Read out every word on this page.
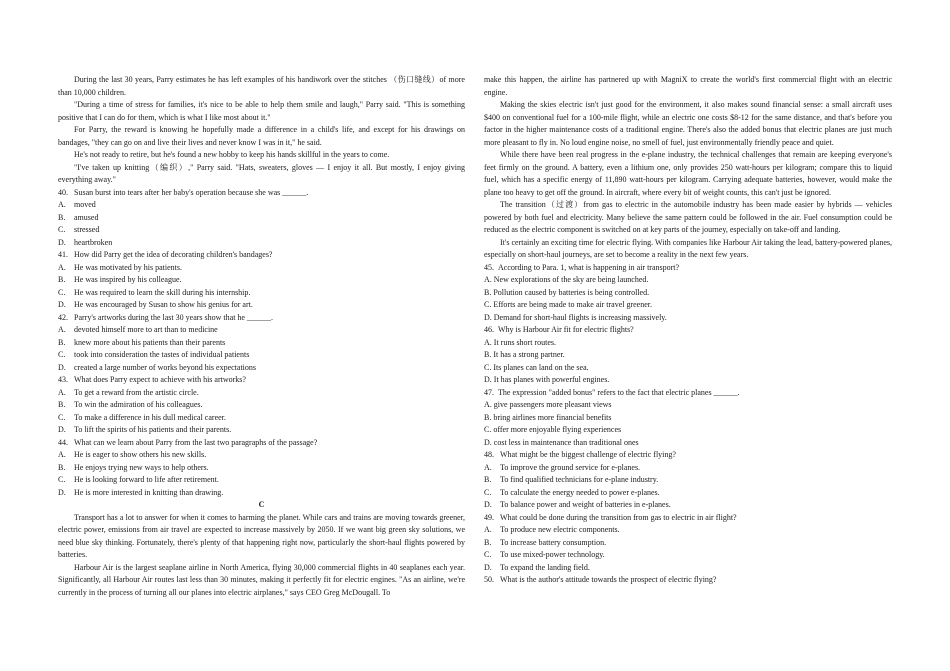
During the last 30 years, Parry estimates he has left examples of his handiwork over the stitches （伤口缝线）of more than 10,000 children.

"During a time of stress for families, it's nice to be able to help them smile and laugh," Parry said. "This is something positive that I can do for them, which is what I like most about it."

For Parry, the reward is knowing he hopefully made a difference in a child's life, and except for his drawings on bandages, "they can go on and live their lives and never know I was in it," he said.

He's not ready to retire, but he's found a new hobby to keep his hands skillful in the years to come.

"I've taken up knitting（编织）," Parry said. "Hats, sweaters, gloves — I enjoy it all. But mostly, I enjoy giving everything away."

40. Susan burst into tears after her baby's operation because she was ______.
A.	moved
B.	amused
C.	stressed
D.	heartbroken
41. How did Parry get the idea of decorating children's bandages?
A.	He was motivated by his patients.
B.	He was inspired by his colleague.
C.	He was required to learn the skill during his internship.
D.	He was encouraged by Susan to show his genius for art.
42. Parry's artworks during the last 30 years show that he ______.
A.	devoted himself more to art than to medicine
B.	knew more about his patients than their parents
C.	took into consideration the tastes of individual patients
D.	created a large number of works beyond his expectations
43. What does Parry expect to achieve with his artworks?
A.	To get a reward from the artistic circle.
B.	To win the admiration of his colleagues.
C.	To make a difference in his dull medical career.
D.	To lift the spirits of his patients and their parents.
44. What can we learn about Parry from the last two paragraphs of the passage?
A.	He is eager to show others his new skills.
B.	He enjoys trying new ways to help others.
C.	He is looking forward to life after retirement.
D.	He is more interested in knitting than drawing.

C

Transport has a lot to answer for when it comes to harming the planet. While cars and trains are moving towards greener, electric power, emissions from air travel are expected to increase massively by 2050. If we want big green sky solutions, we need blue sky thinking. Fortunately, there's plenty of that happening right now, particularly the short-haul flights powered by batteries.

Harbour Air is the largest seaplane airline in North America, flying 30,000 commercial flights in 40 seaplanes each year. Significantly, all Harbour Air routes last less than 30 minutes, making it perfectly fit for electric engines. "As an airline, we're currently in the process of turning all our planes into electric airplanes," says CEO Greg McDougall. To

make this happen, the airline has partnered up with MagniX to create the world's first commercial flight with an electric engine.

Making the skies electric isn't just good for the environment, it also makes sound financial sense: a small aircraft uses $400 on conventional fuel for a 100-mile flight, while an electric one costs $8-12 for the same distance, and that's before you factor in the higher maintenance costs of a traditional engine. There's also the added bonus that electric planes are just much more pleasant to fly in. No loud engine noise, no smell of fuel, just environmentally friendly peace and quiet.

While there have been real progress in the e-plane industry, the technical challenges that remain are keeping everyone's feet firmly on the ground. A battery, even a lithium one, only provides 250 watt-hours per kilogram; compare this to liquid fuel, which has a specific energy of 11,890 watt-hours per kilogram. Carrying adequate batteries, however, would make the plane too heavy to get off the ground. In aircraft, where every bit of weight counts, this can't just be ignored.

The transition（过渡）from gas to electric in the automobile industry has been made easier by hybrids — vehicles powered by both fuel and electricity. Many believe the same pattern could be followed in the air. Fuel consumption could be reduced as the electric component is switched on at key parts of the journey, especially on take-off and landing.

It's certainly an exciting time for electric flying. With companies like Harbour Air taking the lead, battery-powered planes, especially on short-haul journeys, are set to become a reality in the next few years.

45. According to Para. 1, what is happening in air transport?
A. New explorations of the sky are being launched.
B. Pollution caused by batteries is being controlled.
C. Efforts are being made to make air travel greener.
D. Demand for short-haul flights is increasing massively.
46. Why is Harbour Air fit for electric flights?
A. It runs short routes.
B. It has a strong partner.
C. Its planes can land on the sea.
D. It has planes with powerful engines.
47. The expression "added bonus" refers to the fact that electric planes ______.
A. give passengers more pleasant views
B. bring airlines more financial benefits
C. offer more enjoyable flying experiences
D. cost less in maintenance than traditional ones
48. What might be the biggest challenge of electric flying?
A.	To improve the ground service for e-planes.
B.	To find qualified technicians for e-plane industry.
C.	To calculate the energy needed to power e-planes.
D.	To balance power and weight of batteries in e-planes.
49. What could be done during the transition from gas to electric in air flight?
A.	To produce new electric components.
B.	To increase battery consumption.
C.	To use mixed-power technology.
D.	To expand the landing field.
50. What is the author's attitude towards the prospect of electric flying?
